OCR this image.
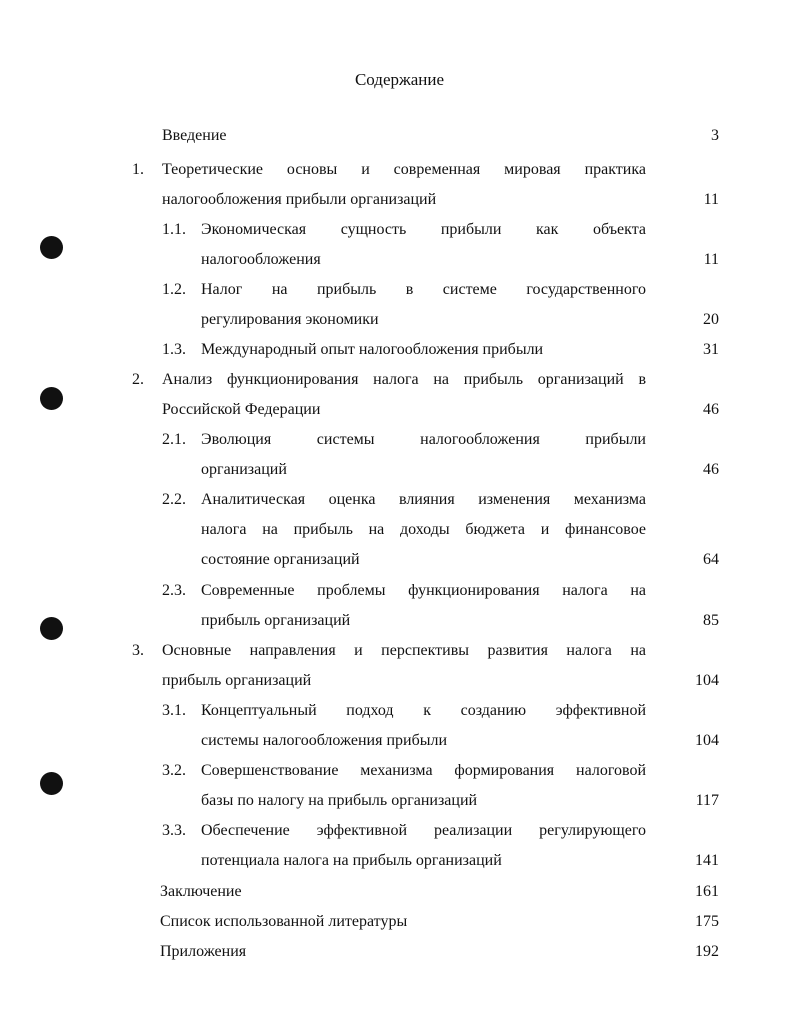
Содержание
Введение	3
1. Теоретические основы и современная мировая практика
налогообложения прибыли организаций	11
1.1. Экономическая сущность прибыли как объекта
налогообложения	11
1.2. Налог на прибыль в системе государственного
регулирования экономики	20
1.3. Международный опыт налогообложения прибыли	31
2. Анализ функционирования налога на прибыль организаций в
Российской Федерации	46
2.1. Эволюция системы налогообложения прибыли
организаций	46
2.2. Аналитическая оценка влияния изменения механизма
налога на прибыль на доходы бюджета и финансовое
состояние организаций	64
2.3. Современные проблемы функционирования налога на
прибыль организаций	85
3. Основные направления и перспективы развития налога на
прибыль организаций	104
3.1. Концептуальный подход к созданию эффективной
системы налогообложения прибыли	104
3.2. Совершенствование механизма формирования налоговой
базы по налогу на прибыль организаций	117
3.3. Обеспечение эффективной реализации регулирующего
потенциала налога на прибыль организаций	141
Заключение	161
Список использованной литературы	175
Приложения	192
